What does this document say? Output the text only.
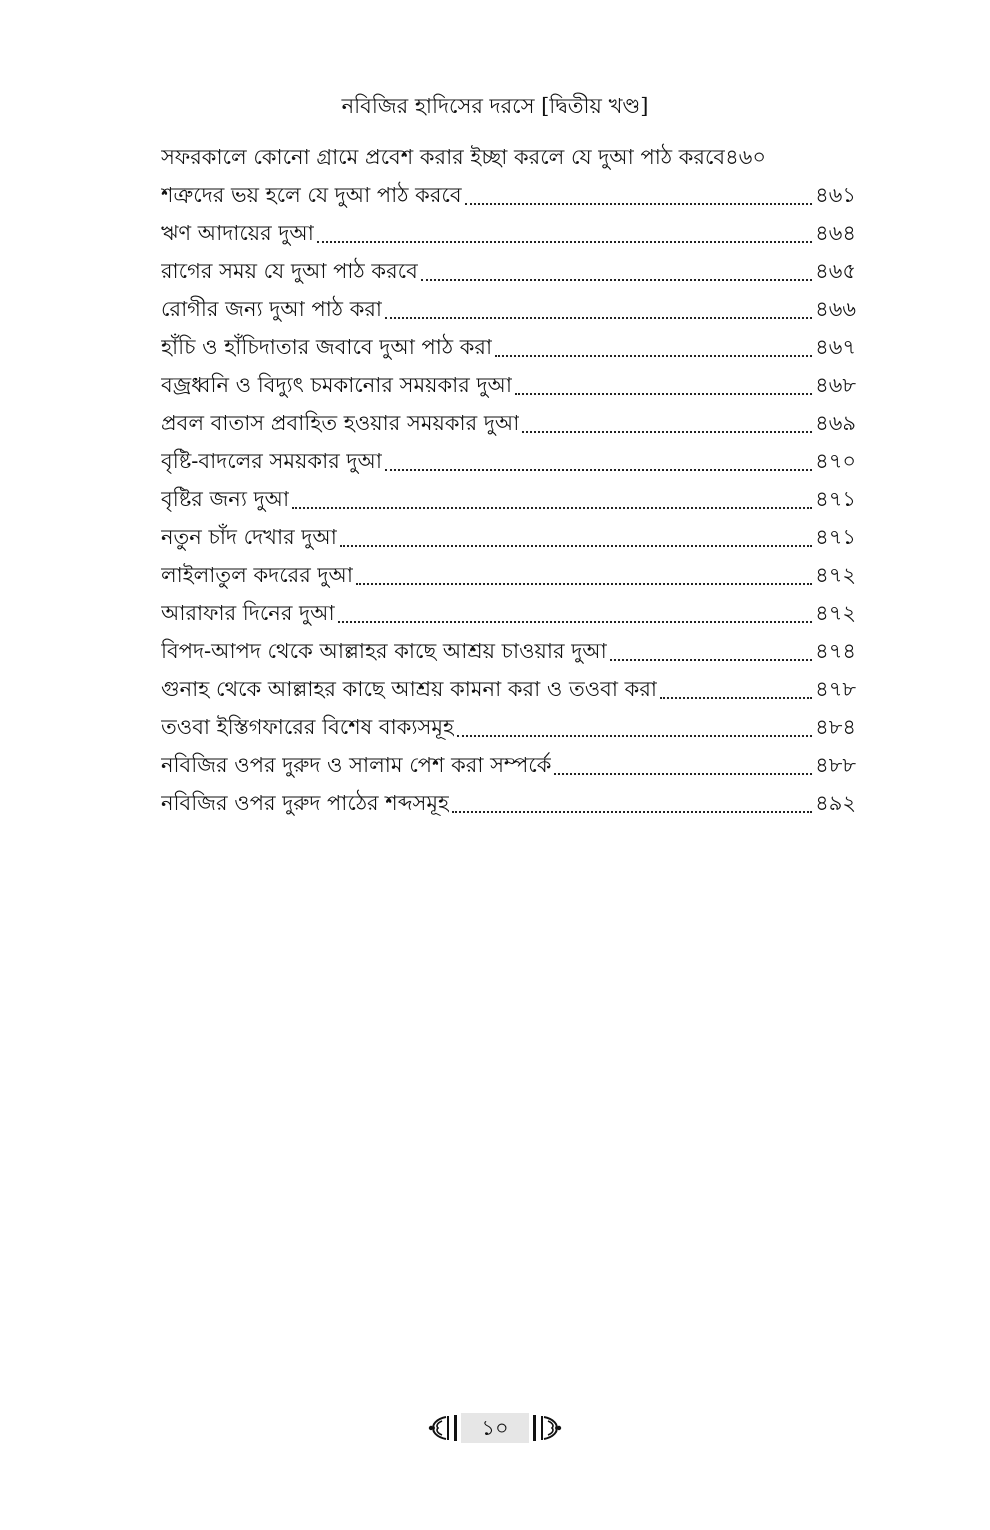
নবিজির হাদিসের দরসে [দ্বিতীয় খণ্ড]
সফরকালে কোনো গ্রামে প্রবেশ করার ইচ্ছা করলে যে দুআ পাঠ করবে ৪৬০
শত্রুদের ভয় হলে যে দুআ পাঠ করবে	৪৬১
ঋণ আদায়ের দুআ	৪৬৪
রাগের সময় যে দুআ পাঠ করবে	৪৬৫
রোগীর জন্য দুআ পাঠ করা	৪৬৬
হাঁচি ও হাঁচিদাতার জবাবে দুআ পাঠ করা	৪৬৭
বজ্রধ্বনি ও বিদ্যুৎ চমকানোর সময়কার দুআ	৪৬৮
প্রবল বাতাস প্রবাহিত হওয়ার সময়কার দুআ	৪৬৯
বৃষ্টি-বাদলের সময়কার দুআ	৪৭০
বৃষ্টির জন্য দুআ	৪৭১
নতুন চাঁদ দেখার দুআ	৪৭১
লাইলাতুল কদরের দুআ	৪৭২
আরাফার দিনের দুআ	৪৭২
বিপদ-আপদ থেকে আল্লাহর কাছে আশ্রয় চাওয়ার দুআ	৪৭৪
গুনাহ থেকে আল্লাহর কাছে আশ্রয় কামনা করা ও তওবা করা	৪৭৮
তওবা ইস্তিগফারের বিশেষ বাক্যসমূহ	৪৮৪
নবিজির ওপর দুরুদ ও সালাম পেশ করা সম্পর্কে	৪৮৮
নবিজির ওপর দুরুদ পাঠের শব্দসমূহ	৪৯২
১০
